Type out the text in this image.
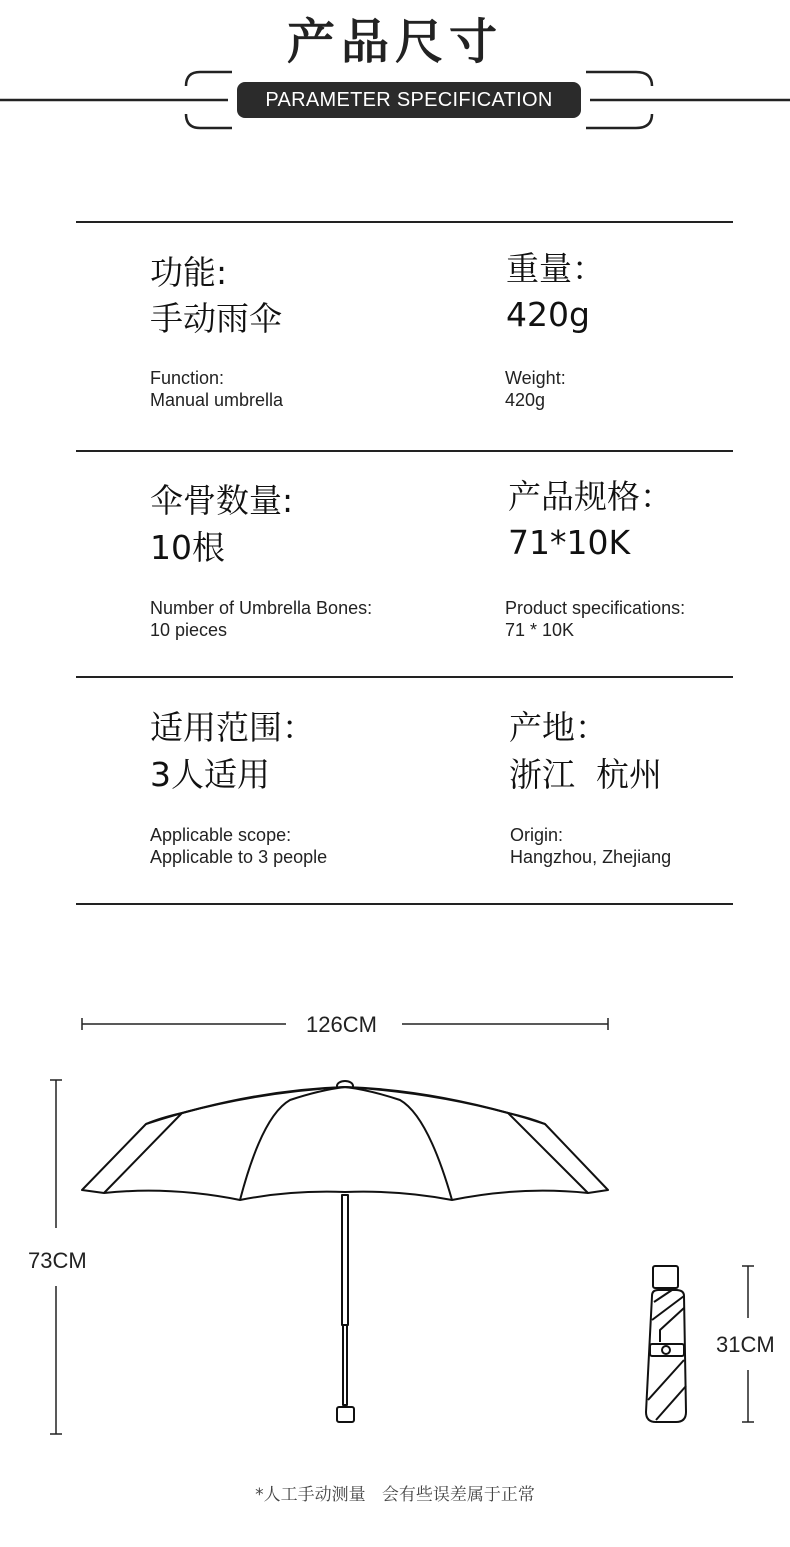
产品尺寸
PARAMETER SPECIFICATION
功能:
手动雨伞
Function:
Manual umbrella
重量：
420g
Weight:
420g
伞骨数量:
10根
Number of Umbrella Bones:
10 pieces
产品规格：
71*10K
Product specifications:
71 * 10K
适用范围：
3人适用
Applicable scope:
Applicable to 3 people
产地：
浙江  杭州
Origin:
Hangzhou, Zhejiang
126CM
73CM
31CM
*人工手动测量   会有些误差属于正常
